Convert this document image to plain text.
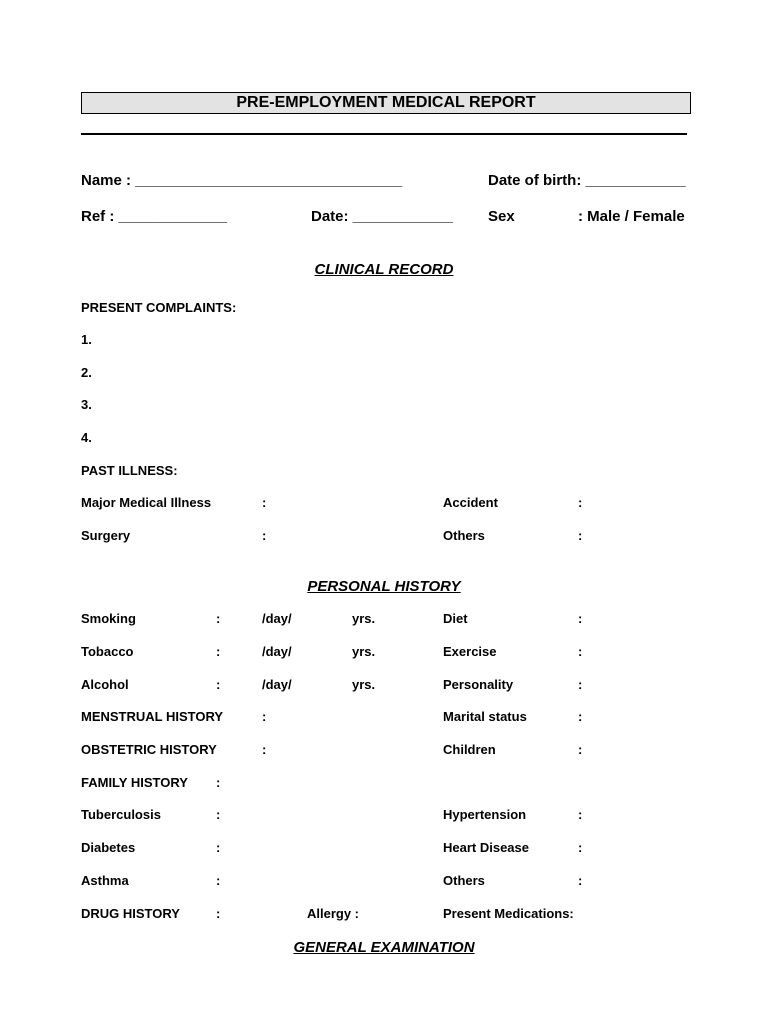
PRE-EMPLOYMENT MEDICAL REPORT
Name : ________________________________	Date of birth: ____________
Ref : _____________	Date: ____________ Sex	: Male / Female
CLINICAL RECORD
PRESENT COMPLAINTS:
1.
2.
3.
4.
PAST ILLNESS:
Major Medical Illness	:	Accident	:
Surgery	:	Others	:
PERSONAL HISTORY
Smoking	:	/day/	yrs.	Diet	:
Tobacco	:	/day/	yrs.	Exercise	:
Alcohol	:	/day/	yrs.	Personality	:
MENSTRUAL HISTORY	:	Marital status	:
OBSTETRIC HISTORY	:	Children	:
FAMILY HISTORY :
Tuberculosis	:	Hypertension	:
Diabetes	:	Heart Disease	:
Asthma	:	Others	:
DRUG HISTORY	:	Allergy :	Present Medications:
GENERAL EXAMINATION
